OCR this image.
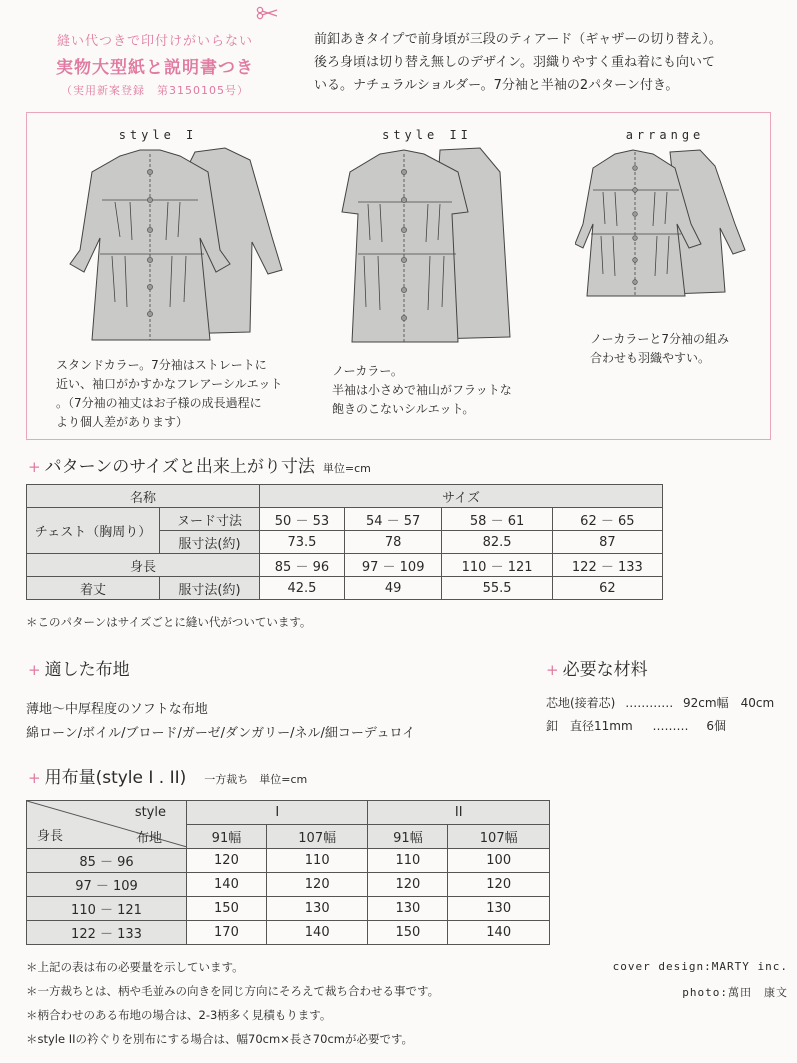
縫い代つきで印付けがいらない
実物大型紙と説明書つき
（実用新案登録　第3150105号）
前釦あきタイプで前身頃が三段のティアード（ギャザーの切り替え）。
後ろ身頃は切り替え無しのデザイン。羽織りやすく重ね着にも向いて
いる。ナチュラルショルダー。7分袖と半袖の2パターン付き。
style I	style II	arrange
スタンドカラー。7分袖はストレートに
近い、袖口がかすかなフレアーシルエット
。（7分袖の袖丈はお子様の成長過程に
より個人差があります）
ノーカラー。
半袖は小さめで袖山がフラットな
飽きのこないシルエット。
ノーカラーと7分袖の組み
合わせも羽織やすい。
+ パターンのサイズと出来上がり寸法 単位=cm
名称		サイズ			
チェスト（胸周り）	ヌード寸法	50 － 53	54 － 57	58 － 61	62 － 65
	服寸法(約)	73.5	78	82.5	87
身長		85 － 96	97 － 109	110 － 121	122 － 133
着丈	服寸法(約)	42.5	49	55.5	62
＊このパターンはサイズごとに縫い代がついています。
+ 適した布地
薄地～中厚程度のソフトな布地
綿ローン/ボイル/ブロード/ガーゼ/ダンガリー/ネル/細コーデュロイ
+ 必要な材料
芯地(接着芯) ………… 92cm幅　40cm
釦　直径11mm ……… 6個
+ 用布量(style I . II) 一方裁ち　単位=cm
style
身長 布地	I		II	
	91幅	107幅	91幅	107幅
85 － 96	120	110	110	100
97 － 109	140	120	120	120
110 － 121	150	130	130	130
122 － 133	170	140	150	140
＊上記の表は布の必要量を示しています。
＊一方裁ちとは、柄や毛並みの向きを同じ方向にそろえて裁ち合わせる事です。
＊柄合わせのある布地の場合は、2-3柄多く見積もります。
＊style IIの衿ぐりを別布にする場合は、幅70cm×長さ70cmが必要です。
cover design:MARTY inc.
photo:萬田　康文
